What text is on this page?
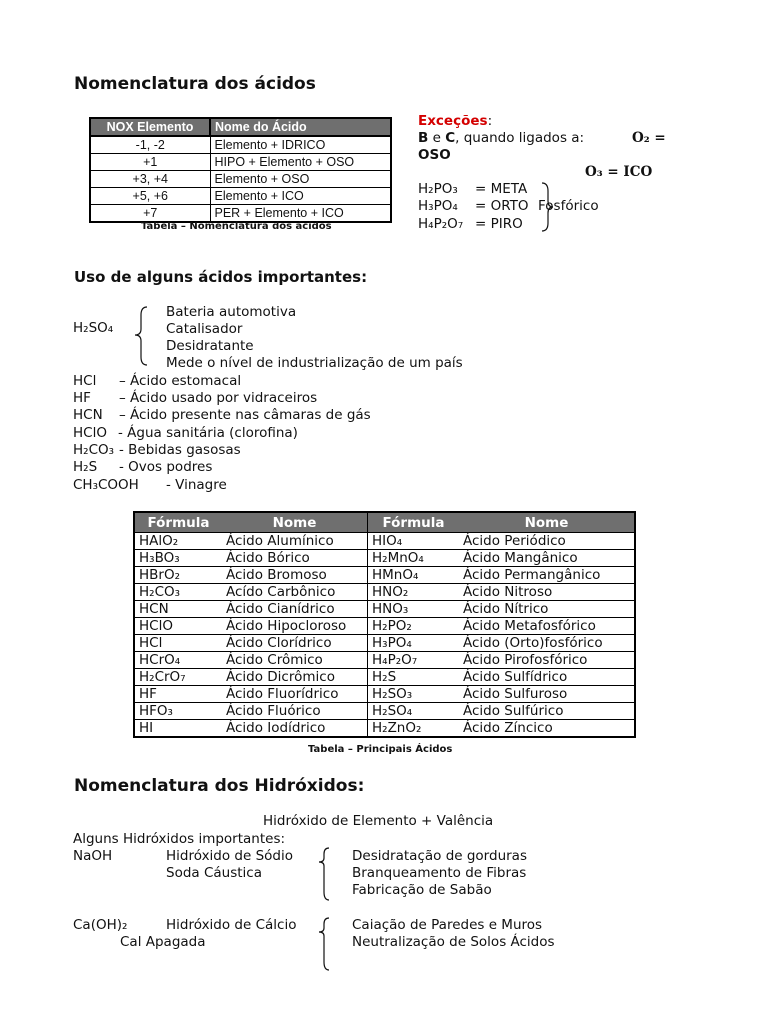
Nomenclatura dos ácidos
NOX Elemento	Nome do Ácido
-1, -2	Elemento + IDRICO
+1	HIPO + Elemento + OSO
+3, +4	Elemento + OSO
+5, +6	Elemento + ICO
+7	PER + Elemento + ICO
Tabela – Nomenclatura dos ácidos
Exceções:
B e C, quando ligados a:	O₂ =
OSO
O₃ = ICO
H₂PO₃ = META
H₃PO₄ = ORTO
H₄P₂O₇ = PIRO
Fosfórico
Uso de alguns ácidos importantes:
H₂SO₄
Bateria automotiva
Catalisador
Desidratante
Mede o nível de industrialização de um país
HCl – Ácido estomacal
HF – Ácido usado por vidraceiros
HCN – Ácido presente nas câmaras de gás
HClO - Água sanitária (clorofina)
H₂CO₃ - Bebidas gasosas
H₂S - Ovos podres
CH₃COOH - Vinagre
Fórmula	Nome	Fórmula	Nome
HAlO₂	Ácido Alumínico	HIO₄	Ácido Periódico
H₃BO₃	Ácido Bórico	H₂MnO₄	Ácido Mangânico
HBrO₂	Ácido Bromoso	HMnO₄	Ácido Permangânico
H₂CO₃	Acído Carbônico	HNO₂	Ácido Nitroso
HCN	Ácido Cianídrico	HNO₃	Ácido Nítrico
HClO	Ácido Hipocloroso	H₂PO₂	Ácido Metafosfórico
HCl	Ácido Clorídrico	H₃PO₄	Ácido (Orto)fosfórico
HCrO₄	Ácido Crômico	H₄P₂O₇	Ácido Pirofosfórico
H₂CrO₇	Ácido Dicrômico	H₂S	Ácido Sulfídrico
HF	Ácido Fluorídrico	H₂SO₃	Ácido Sulfuroso
HFO₃	Ácido Fluórico	H₂SO₄	Ácido Sulfúrico
HI	Ácido Iodídrico	H₂ZnO₂	Ácido Zíncico
Tabela – Principais Ácidos
Nomenclatura dos Hidróxidos:
Hidróxido de Elemento + Valência
Alguns Hidróxidos importantes:
NaOH	Hidróxido de Sódio
Soda Cáustica
Desidratação de gorduras
Branqueamento de Fibras
Fabricação de Sabão
Ca(OH)₂	Hidróxido de Cálcio
Cal Apagada
Caiação de Paredes e Muros
Neutralização de Solos Ácidos
